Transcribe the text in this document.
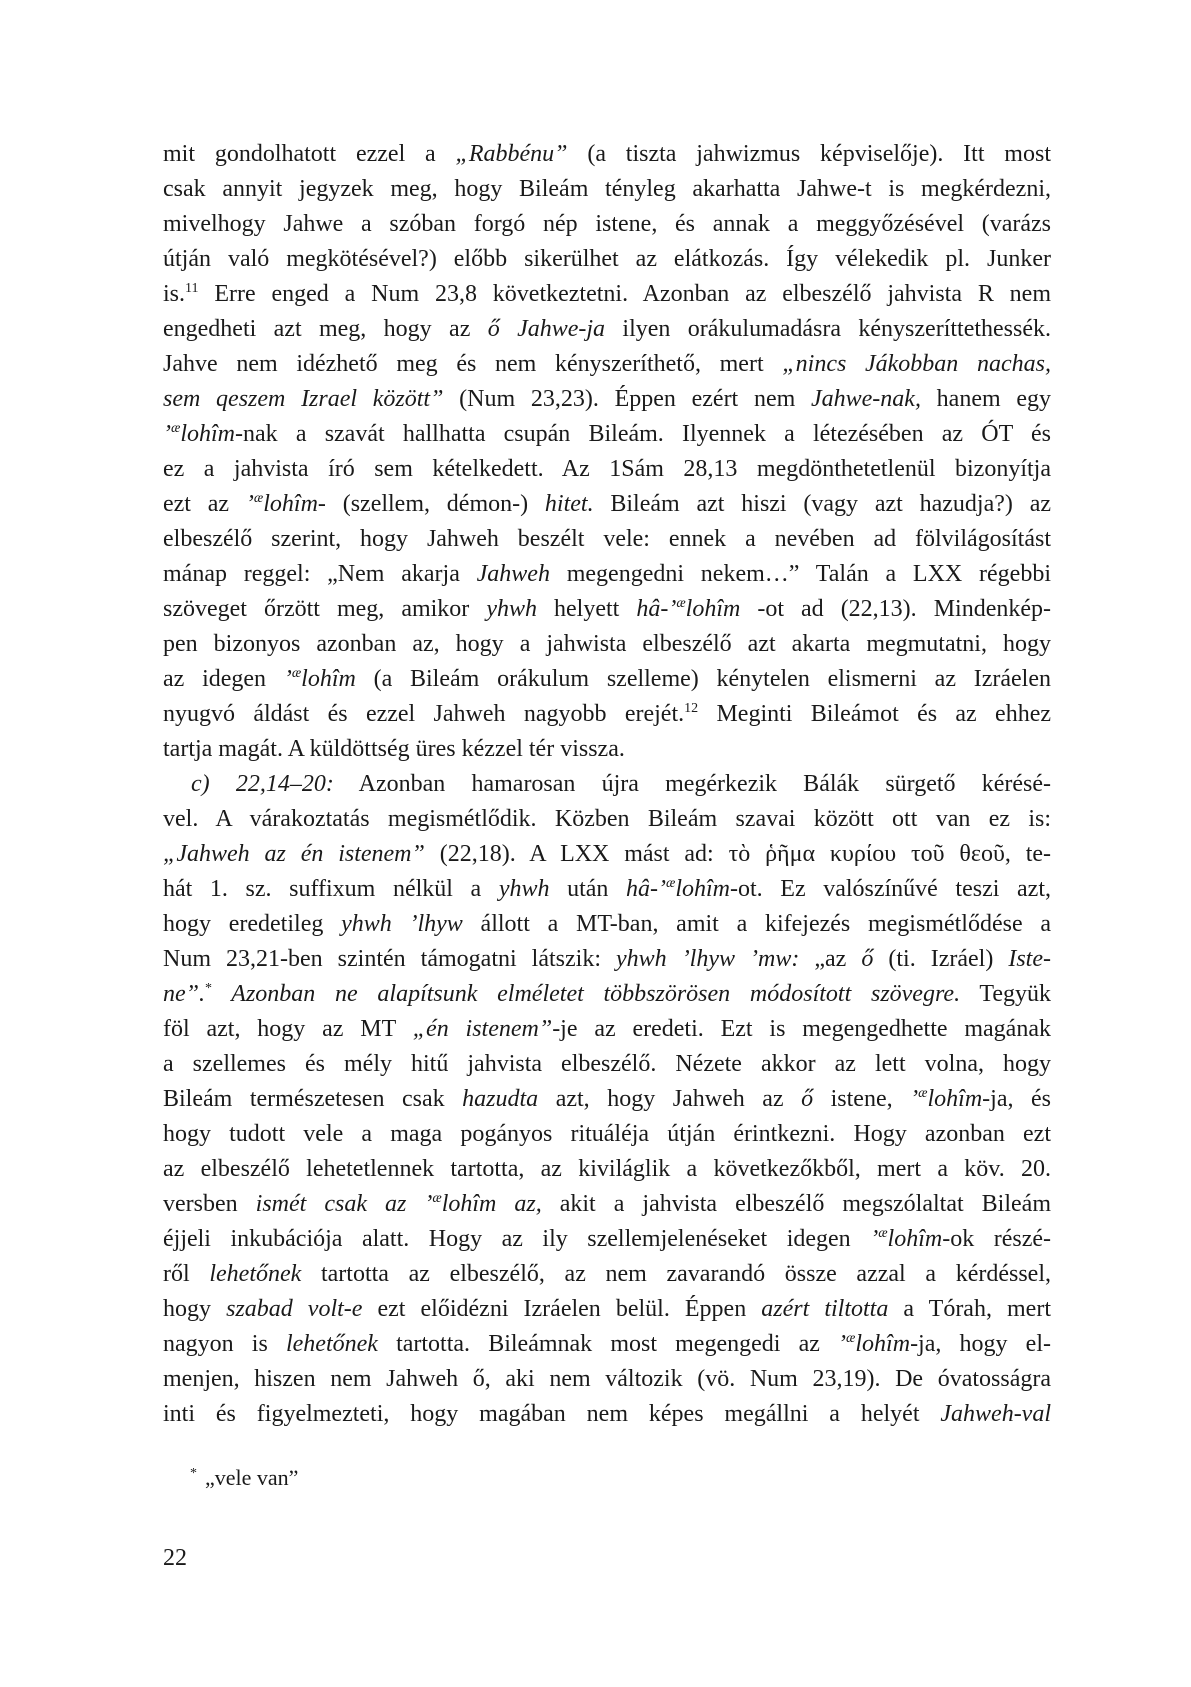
mit gondolhatott ezzel a „Rabbénu” (a tiszta jahwizmus képviselője). Itt most
csak annyit jegyzek meg, hogy Bileám tényleg akarhatta Jahwe-t is megkérdezni,
mivelhogy Jahwe a szóban forgó nép istene, és annak a meggyőzésével (varázs
útján való megkötésével?) előbb sikerülhet az elátkozás. Így vélekedik pl. Junker
is.$^{11}$ Erre enged a Num 23,8 következtetni. Azonban az elbeszélő jahvista R nem
engedheti azt meg, hogy az ő Jahwe-ja ilyen orákulumadásra kényszeríttethessék.
Jahve nem idézhető meg és nem kényszeríthető, mert „nincs Jákobban nachas,
sem qeszem Izrael között” (Num 23,23). Éppen ezért nem Jahwe-nak, hanem egy
’$^æ$lohîm-nak a szavát hallhatta csupán Bileám. Ilyennek a létezésében az ÓT és
ez a jahvista író sem kételkedett. Az 1Sám 28,13 megdönthetetlenül bizonyítja
ezt az ’$^æ$lohîm- (szellem, démon-) hitet. Bileám azt hiszi (vagy azt hazudja?) az
elbeszélő szerint, hogy Jahweh beszélt vele: ennek a nevében ad fölvilágosítást
mánap reggel: „Nem akarja Jahweh megengedni nekem…” Talán a LXX régebbi
szöveget őrzött meg, amikor yhwh helyett hâ-’$^æ$lohîm -ot ad (22,13). Mindenkép-
pen bizonyos azonban az, hogy a jahwista elbeszélő azt akarta megmutatni, hogy
az idegen ’$^æ$lohîm (a Bileám orákulum szelleme) kénytelen elismerni az Izráelen
nyugvó áldást és ezzel Jahweh nagyobb erejét.$^{12}$ Meginti Bileámot és az ehhez
tartja magát. A küldöttség üres kézzel tér vissza.
c) 22,14–20: Azonban hamarosan újra megérkezik Bálák sürgető kérésé-
vel. A várakoztatás megismétlődik. Közben Bileám szavai között ott van ez is:
„Jahweh az én istenem” (22,18). A LXX mást ad: τὸ ῥῆμα κυρίου τοῦ θεοῦ, te-
hát 1. sz. suffixum nélkül a yhwh után hâ-’$^æ$lohîm-ot. Ez valószínűvé teszi azt,
hogy eredetileg yhwh ’lhyw állott a MT-ban, amit a kifejezés megismétlődése a
Num 23,21-ben szintén támogatni látszik: yhwh ’lhyw ’mw: „az ő (ti. Izráel) Iste-
ne”.* Azonban ne alapítsunk elméletet többszörösen módosított szövegre. Tegyük
föl azt, hogy az MT „én istenem”-je az eredeti. Ezt is megengedhette magának
a szellemes és mély hitű jahvista elbeszélő. Nézete akkor az lett volna, hogy
Bileám természetesen csak hazudta azt, hogy Jahweh az ő istene, ’$^æ$lohîm-ja, és
hogy tudott vele a maga pogányos rituáléja útján érintkezni. Hogy azonban ezt
az elbeszélő lehetetlennek tartotta, az kiviláglik a következőkből, mert a köv. 20.
versben ismét csak az ’$^æ$lohîm az, akit a jahvista elbeszélő megszólaltat Bileám
éjjeli inkubációja alatt. Hogy az ily szellemjelenéseket idegen ’$^æ$lohîm-ok részé-
ről lehetőnek tartotta az elbeszélő, az nem zavarandó össze azzal a kérdéssel,
hogy szabad volt-e ezt előidézni Izráelen belül. Éppen azért tiltotta a Tórah, mert
nagyon is lehetőnek tartotta. Bileámnak most megengedi az ’$^æ$lohîm-ja, hogy el-
menjen, hiszen nem Jahweh ő, aki nem változik (vö. Num 23,19). De óvatosságra
inti és figyelmezteti, hogy magában nem képes megállni a helyét Jahweh-val
* „vele van”
22
